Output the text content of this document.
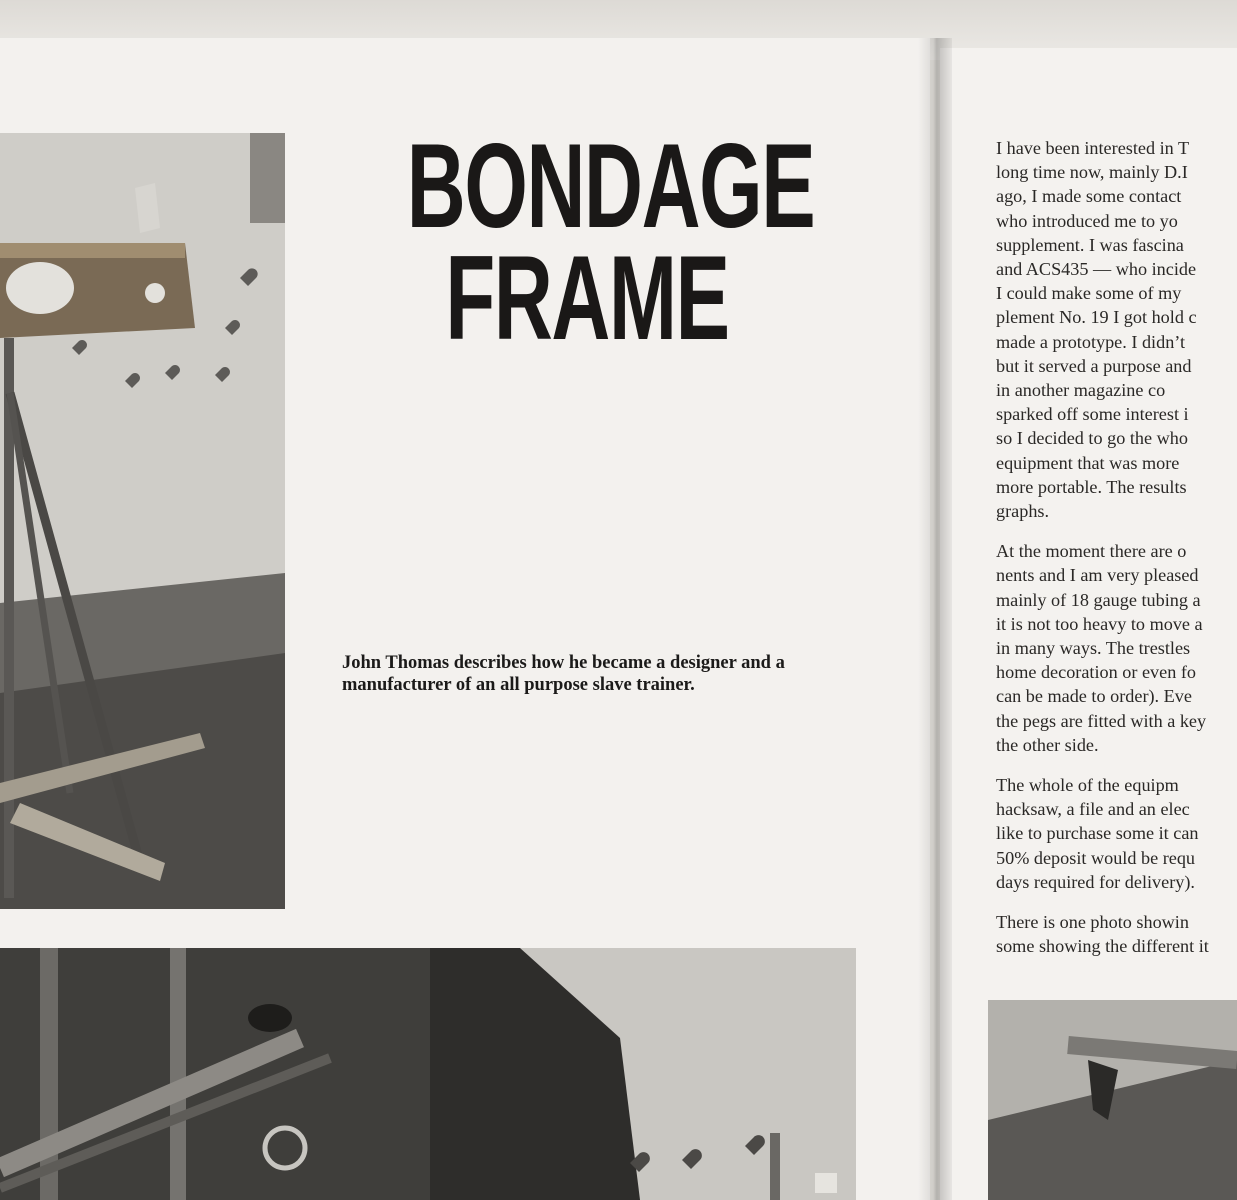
BONDAGE
FRAME
John Thomas describes how he became a designer and a manufacturer of an all purpose slave trainer.

I have been interested in T
long time now, mainly D.I
ago, I made some contact
who introduced me to yo
supplement. I was fascina
and ACS435 — who incide
I could make some of my
plement No. 19 I got hold c
made a prototype. I didn’t
but it served a purpose and
in another magazine co
sparked off some interest i
so I decided to go the who
equipment that was more
more portable. The results
graphs.

At the moment there are o
nents and I am very pleased
mainly of 18 gauge tubing a
it is not too heavy to move a
in many ways. The trestles
home decoration or even fo
can be made to order). Eve
the pegs are fitted with a key
the other side.

The whole of the equipm
hacksaw, a file and an elec
like to purchase some it can
50% deposit would be requ
days required for delivery).

There is one photo showin
some showing the different it
